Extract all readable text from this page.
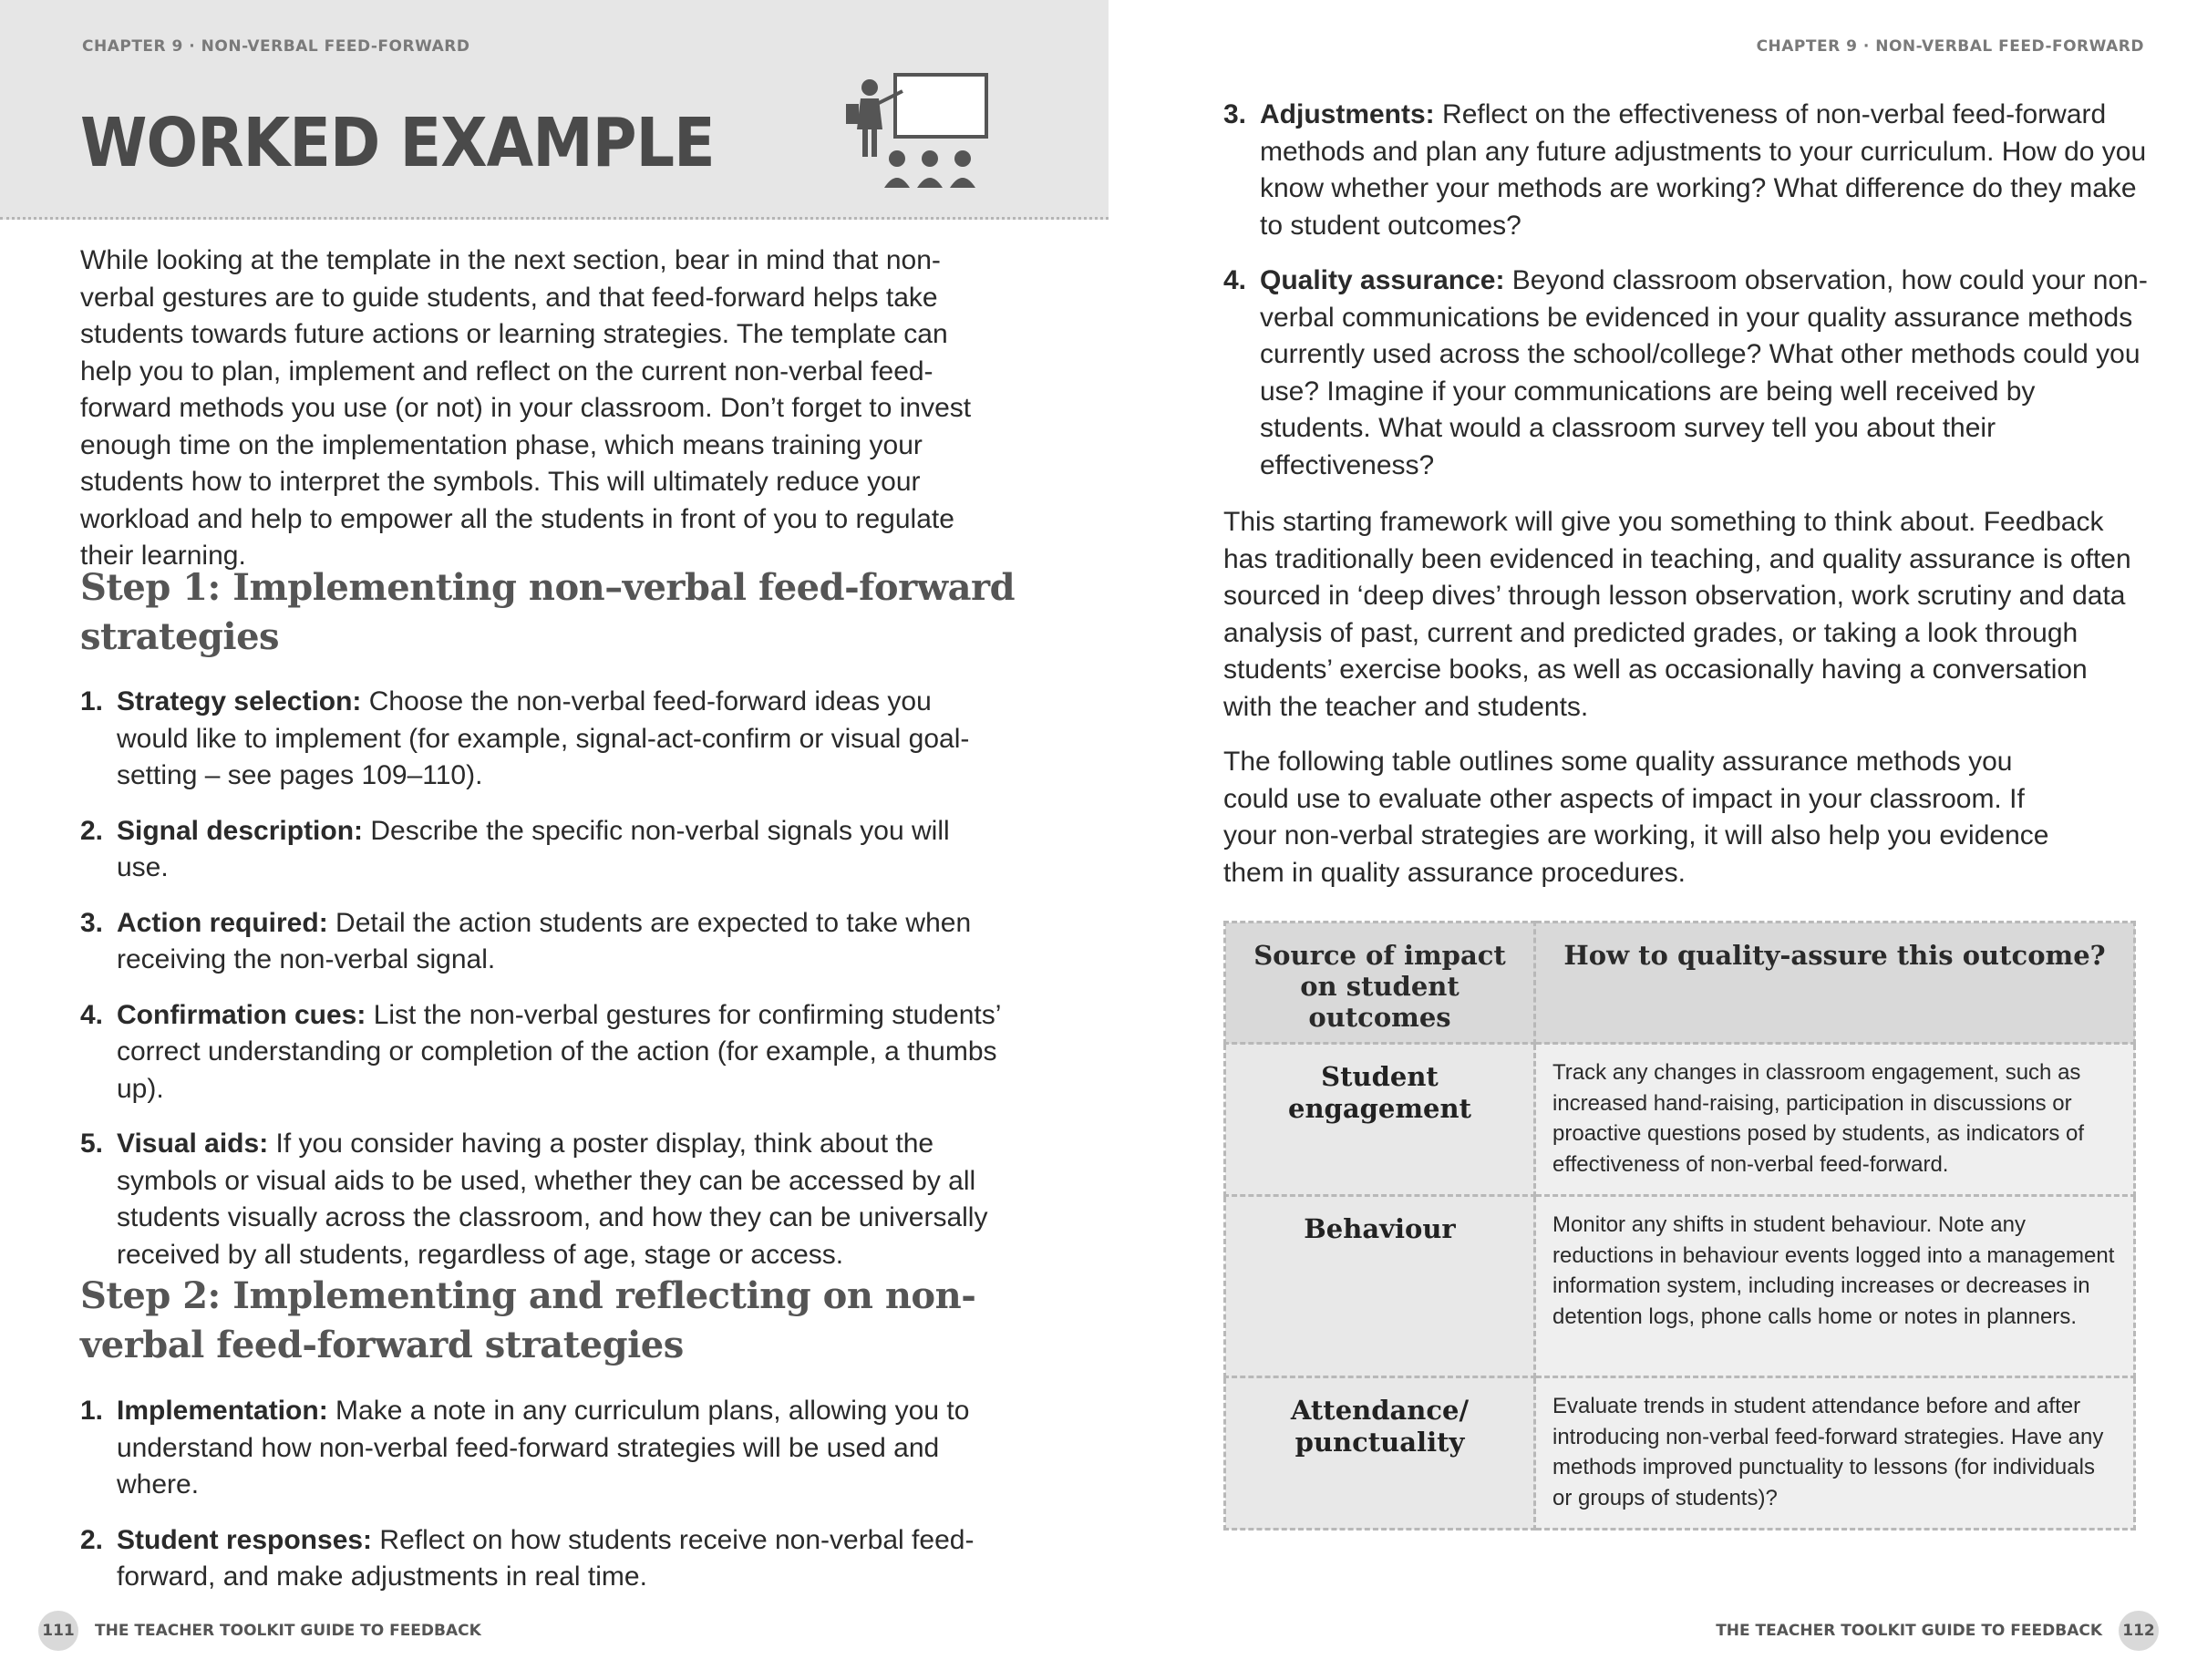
CHAPTER 9 · NON-VERBAL FEED-FORWARD
WORKED EXAMPLE

While looking at the template in the next section, bear in mind that non-verbal gestures are to guide students, and that feed-forward helps take students towards future actions or learning strategies. The template can help you to plan, implement and reflect on the current non-verbal feed-forward methods you use (or not) in your classroom. Don’t forget to invest enough time on the implementation phase, which means training your students how to interpret the symbols. This will ultimately reduce your workload and help to empower all the students in front of you to regulate their learning.

Step 1: Implementing non–verbal feed-forward strategies
1. Strategy selection: Choose the non-verbal feed-forward ideas you would like to implement (for example, signal-act-confirm or visual goal-setting – see pages 109–110).
2. Signal description: Describe the specific non-verbal signals you will use.
3. Action required: Detail the action students are expected to take when receiving the non-verbal signal.
4. Confirmation cues: List the non-verbal gestures for confirming students’ correct understanding or completion of the action (for example, a thumbs up).
5. Visual aids: If you consider having a poster display, think about the symbols or visual aids to be used, whether they can be accessed by all students visually across the classroom, and how they can be universally received by all students, regardless of age, stage or access.
Step 2: Implementing and reflecting on non-verbal feed-forward strategies
1. Implementation: Make a note in any curriculum plans, allowing you to understand how non-verbal feed-forward strategies will be used and where.
2. Student responses: Reflect on how students receive non-verbal feed-forward, and make adjustments in real time.
111 THE TEACHER TOOLKIT GUIDE TO FEEDBACK
CHAPTER 9 · NON-VERBAL FEED-FORWARD
3. Adjustments: Reflect on the effectiveness of non-verbal feed-forward methods and plan any future adjustments to your curriculum. How do you know whether your methods are working? What difference do they make to student outcomes?
4. Quality assurance: Beyond classroom observation, how could your non-verbal communications be evidenced in your quality assurance methods currently used across the school/college? What other methods could you use? Imagine if your communications are being well received by students. What would a classroom survey tell you about their effectiveness?

This starting framework will give you something to think about. Feedback has traditionally been evidenced in teaching, and quality assurance is often sourced in ‘deep dives’ through lesson observation, work scrutiny and data analysis of past, current and predicted grades, or taking a look through students’ exercise books, as well as occasionally having a conversation with the teacher and students.

The following table outlines some quality assurance methods you could use to evaluate other aspects of impact in your classroom. If your non-verbal strategies are working, it will also help you evidence them in quality assurance procedures.

Source of impact on student outcomes	How to quality-assure this outcome?
Student engagement	Track any changes in classroom engagement, such as increased hand-raising, participation in discussions or proactive questions posed by students, as indicators of effectiveness of non-verbal feed-forward.
Behaviour	Monitor any shifts in student behaviour. Note any reductions in behaviour events logged into a management information system, including increases or decreases in detention logs, phone calls home or notes in planners.
Attendance/ punctuality	Evaluate trends in student attendance before and after introducing non-verbal feed-forward strategies. Have any methods improved punctuality to lessons (for individuals or groups of students)?
THE TEACHER TOOLKIT GUIDE TO FEEDBACK 112
